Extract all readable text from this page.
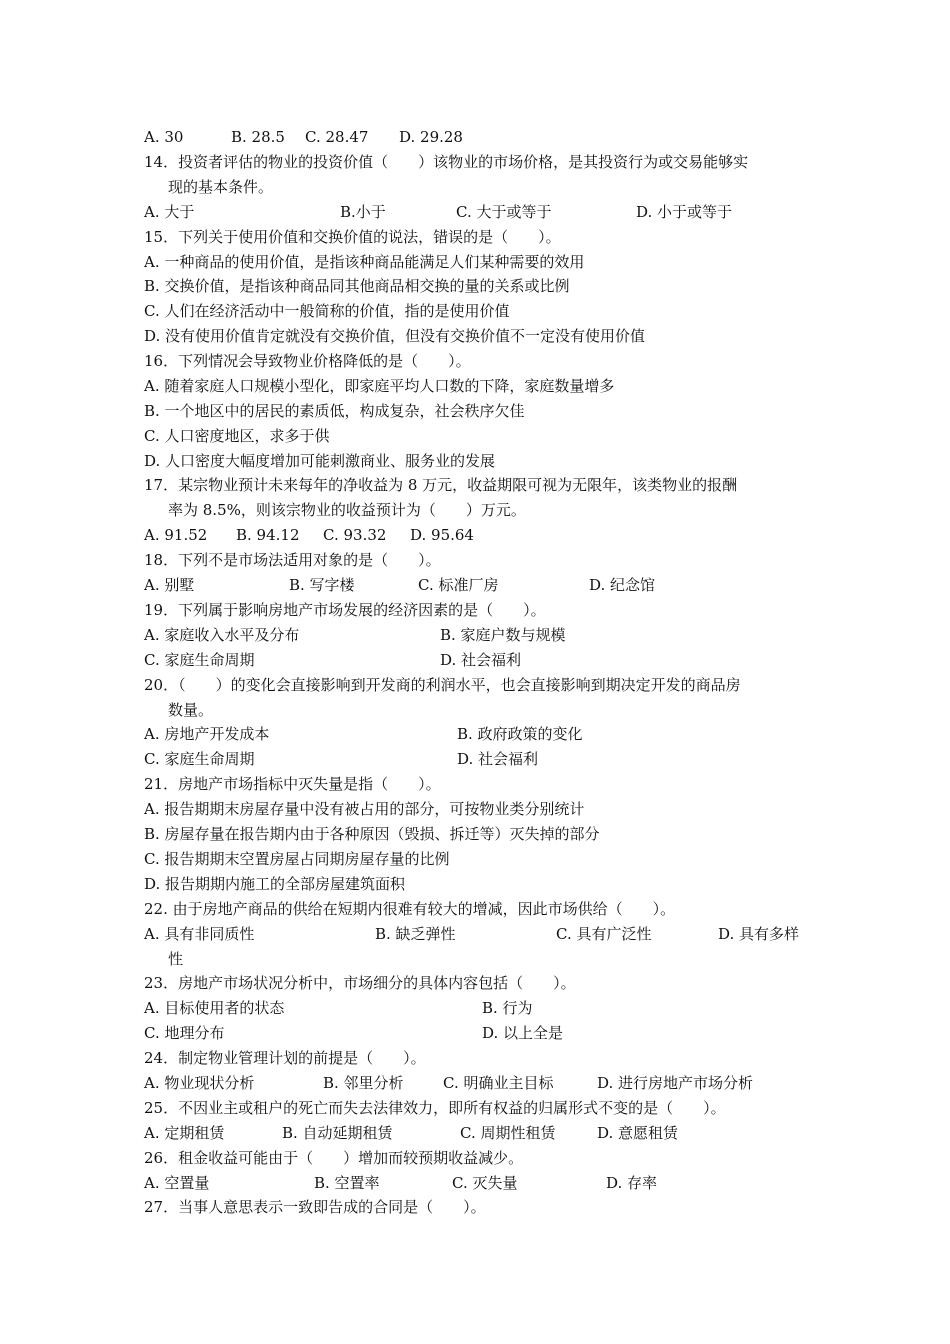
A. 30	B. 28.5 C. 28.47 D. 29.28
14．投资者评估的物业的投资价值（　　）该物业的市场价格，是其投资行为或交易能够实
现的基本条件。
A. 大于	B.小于	C. 大于或等于	D. 小于或等于
15．下列关于使用价值和交换价值的说法，错误的是（　　）。
A. 一种商品的使用价值，是指该种商品能满足人们某种需要的效用
B. 交换价值，是指该种商品同其他商品相交换的量的关系或比例
C. 人们在经济活动中一般简称的价值，指的是使用价值
D. 没有使用价值肯定就没有交换价值，但没有交换价值不一定没有使用价值
16．下列情况会导致物业价格降低的是（　　）。
A. 随着家庭人口规模小型化，即家庭平均人口数的下降，家庭数量增多
B. 一个地区中的居民的素质低，构成复杂，社会秩序欠佳
C. 人口密度地区，求多于供
D. 人口密度大幅度增加可能刺激商业、服务业的发展
17．某宗物业预计未来每年的净收益为 8 万元，收益期限可视为无限年，该类物业的报酬
率为 8.5%，则该宗物业的收益预计为（　　）万元。
A. 91.52 B. 94.12 C. 93.32 D. 95.64
18．下列不是市场法适用对象的是（　　）。
A. 别墅	B. 写字楼	C. 标准厂房	D. 纪念馆
19．下列属于影响房地产市场发展的经济因素的是（　　）。
A. 家庭收入水平及分布	B. 家庭户数与规模
C. 家庭生命周期	D. 社会福利
20．（　　）的变化会直接影响到开发商的利润水平，也会直接影响到期决定开发的商品房
数量。
A. 房地产开发成本	B. 政府政策的变化
C. 家庭生命周期	D. 社会福利
21．房地产市场指标中灭失量是指（　　）。
A. 报告期期末房屋存量中没有被占用的部分，可按物业类分别统计
B. 房屋存量在报告期内由于各种原因（毁损、拆迁等）灭失掉的部分
C. 报告期期末空置房屋占同期房屋存量的比例
D. 报告期期内施工的全部房屋建筑面积
22. 由于房地产商品的供给在短期内很难有较大的增减，因此市场供给（　　）。
A. 具有非同质性	B. 缺乏弹性	C. 具有广泛性	D. 具有多样
性
23．房地产市场状况分析中，市场细分的具体内容包括（　　）。
A. 目标使用者的状态	B. 行为
C. 地理分布	D. 以上全是
24．制定物业管理计划的前提是（　　）。
A. 物业现状分析	B. 邻里分析	C. 明确业主目标	D. 进行房地产市场分析
25．不因业主或租户的死亡而失去法律效力，即所有权益的归属形式不变的是（　　）。
A. 定期租赁	B. 自动延期租赁	C. 周期性租赁	D. 意愿租赁
26．租金收益可能由于（　　）增加而较预期收益减少。
A. 空置量	B. 空置率	C. 灭失量	D. 存率
27．当事人意思表示一致即告成的合同是（　　）。
